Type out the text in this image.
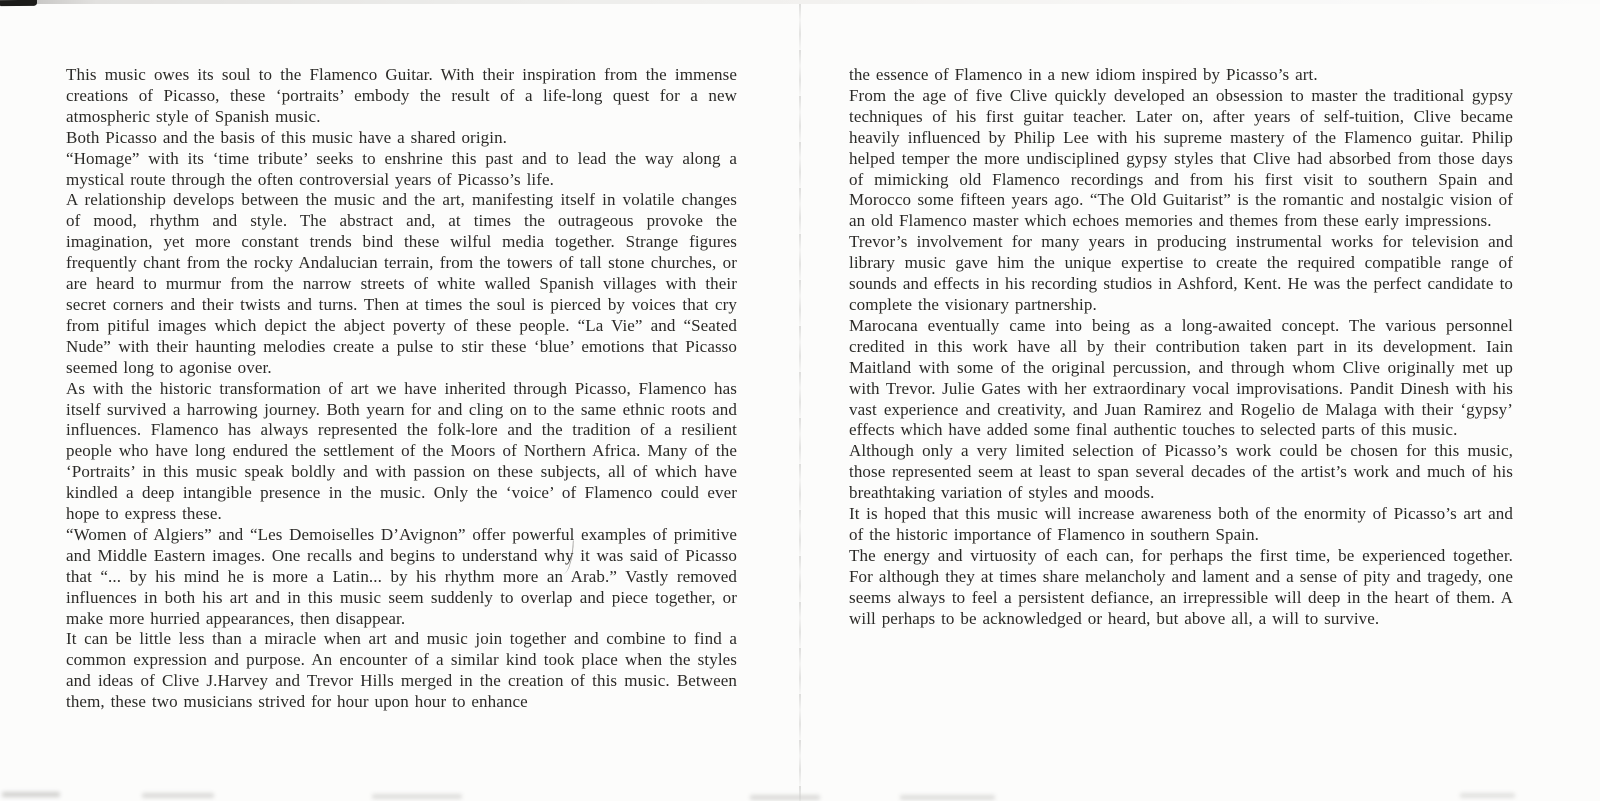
This music owes its soul to the Flamenco Guitar. With their inspiration from the immense creations of Picasso, these ‘portraits’ embody the result of a life-long quest for a new atmospheric style of Spanish music.

Both Picasso and the basis of this music have a shared origin.

“Homage” with its ‘time tribute’ seeks to enshrine this past and to lead the way along a mystical route through the often controversial years of Picasso’s life.

A relationship develops between the music and the art, manifesting itself in volatile changes of mood, rhythm and style. The abstract and, at times the outrageous provoke the imagination, yet more constant trends bind these wilful media together. Strange figures frequently chant from the rocky Andalucian terrain, from the towers of tall stone churches, or are heard to murmur from the narrow streets of white walled Spanish villages with their secret corners and their twists and turns. Then at times the soul is pierced by voices that cry from pitiful images which depict the abject poverty of these people. “La Vie” and “Seated Nude” with their haunting melodies create a pulse to stir these ‘blue’ emotions that Picasso seemed long to agonise over.

As with the historic transformation of art we have inherited through Picasso, Flamenco has itself survived a harrowing journey. Both yearn for and cling on to the same ethnic roots and influences. Flamenco has always represented the folk-lore and the tradition of a resilient people who have long endured the settlement of the Moors of Northern Africa. Many of the ‘Portraits’ in this music speak boldly and with passion on these subjects, all of which have kindled a deep intangible presence in the music. Only the ‘voice’ of Flamenco could ever hope to express these.

“Women of Algiers” and “Les Demoiselles D’Avignon” offer powerful examples of primitive and Middle Eastern images. One recalls and begins to understand why it was said of Picasso that “... by his mind he is more a Latin... by his rhythm more an Arab.” Vastly removed influences in both his art and in this music seem suddenly to overlap and piece together, or make more hurried appearances, then disappear.

It can be little less than a miracle when art and music join together and combine to find a common expression and purpose. An encounter of a similar kind took place when the styles and ideas of Clive J.Harvey and Trevor Hills merged in the creation of this music. Between them, these two musicians strived for hour upon hour to enhance

the essence of Flamenco in a new idiom inspired by Picasso’s art.

From the age of five Clive quickly developed an obsession to master the traditional gypsy techniques of his first guitar teacher. Later on, after years of self-tuition, Clive became heavily influenced by Philip Lee with his supreme mastery of the Flamenco guitar. Philip helped temper the more undisciplined gypsy styles that Clive had absorbed from those days of mimicking old Flamenco recordings and from his first visit to southern Spain and Morocco some fifteen years ago. “The Old Guitarist” is the romantic and nostalgic vision of an old Flamenco master which echoes memories and themes from these early impressions.

Trevor’s involvement for many years in producing instrumental works for television and library music gave him the unique expertise to create the required compatible range of sounds and effects in his recording studios in Ashford, Kent. He was the perfect candidate to complete the visionary partnership.

Marocana eventually came into being as a long-awaited concept. The various personnel credited in this work have all by their contribution taken part in its development. Iain Maitland with some of the original percussion, and through whom Clive originally met up with Trevor. Julie Gates with her extraordinary vocal improvisations. Pandit Dinesh with his vast experience and creativity, and Juan Ramirez and Rogelio de Malaga with their ‘gypsy’ effects which have added some final authentic touches to selected parts of this music.

Although only a very limited selection of Picasso’s work could be chosen for this music, those represented seem at least to span several decades of the artist’s work and much of his breathtaking variation of styles and moods.

It is hoped that this music will increase awareness both of the enormity of Picasso’s art and of the historic importance of Flamenco in southern Spain.

The energy and virtuosity of each can, for perhaps the first time, be experienced together. For although they at times share melancholy and lament and a sense of pity and tragedy, one seems always to feel a persistent defiance, an irrepressible will deep in the heart of them. A will perhaps to be acknowledged or heard, but above all, a will to survive.
